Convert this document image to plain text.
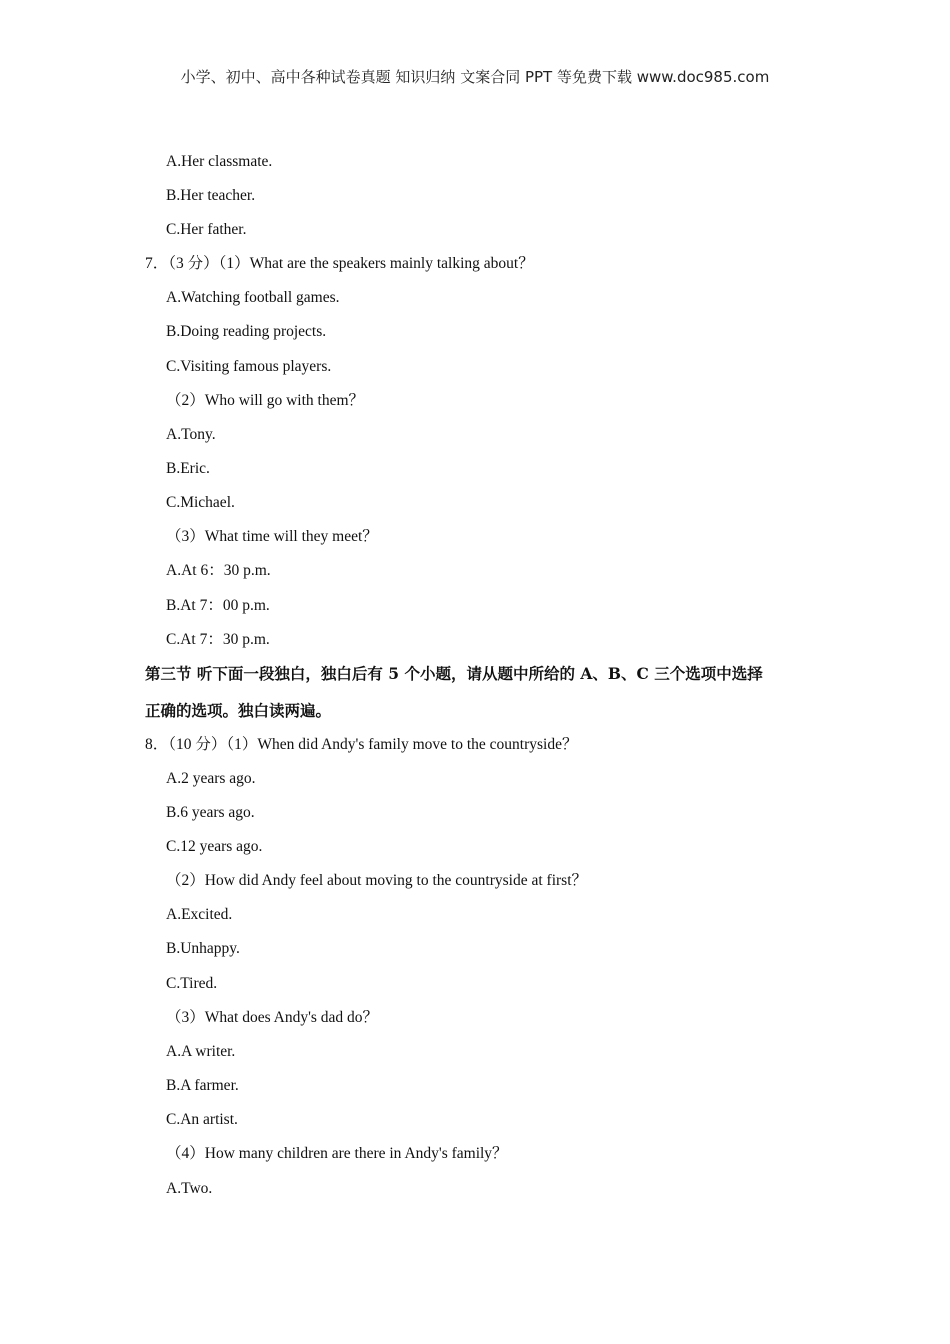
小学、初中、高中各种试卷真题 知识归纳 文案合同 PPT 等免费下载 www.doc985.com
A.Her classmate.
B.Her teacher.
C.Her father.
7．（3 分）（1）What are the speakers mainly talking about？
A.Watching football games.
B.Doing reading projects.
C.Visiting famous players.
（2）Who will go with them？
A.Tony.
B.Eric.
C.Michael.
（3）What time will they meet？
A.At 6：30 p.m.
B.At 7：00 p.m.
C.At 7：30 p.m.
第三节 听下面一段独白，独白后有 5 个小题，请从题中所给的 A、B、C 三个选项中选择
正确的选项。独白读两遍。
8．（10 分）（1）When did Andy's family move to the countryside？
A.2 years ago.
B.6 years ago.
C.12 years ago.
（2）How did Andy feel about moving to the countryside at first？
A.Excited.
B.Unhappy.
C.Tired.
（3）What does Andy's dad do？
A.A writer.
B.A farmer.
C.An artist.
（4）How many children are there in Andy's family？
A.Two.
